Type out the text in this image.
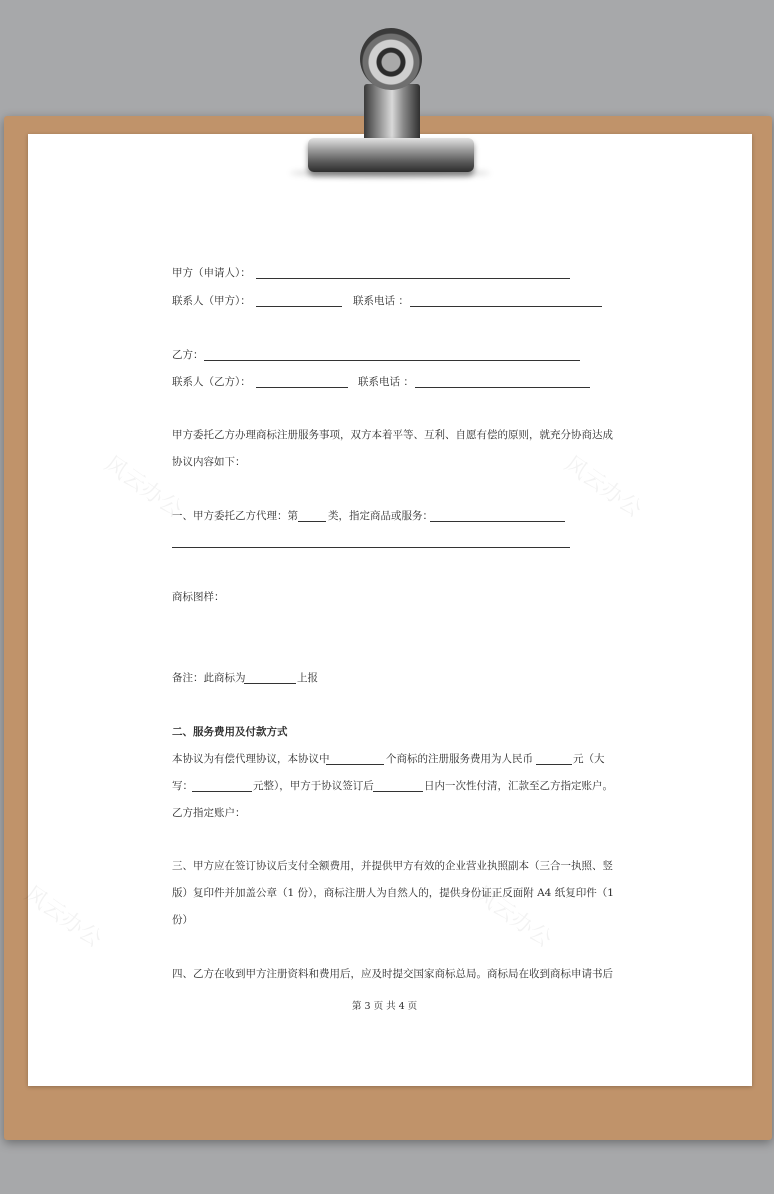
风云办公	风云办公
风云办公	风云办公
甲方（申请人）：
联系人（甲方）：	联系电话 ：
乙方：
联系人（乙方）：	联系电话 ：
甲方委托乙方办理商标注册服务事项，双方本着平等、互利、自愿有偿的原则，就充分协商达成
协议内容如下：
一、甲方委托乙方代理：第	类，指定商品或服务：
商标图样：
备注：此商标为	上报
二、服务费用及付款方式
本协议为有偿代理协议，本协议中	个商标的注册服务费用为人民币	元（大
写：	元整），甲方于协议签订后	日内一次性付清，汇款至乙方指定账户。
乙方指定账户：
三、甲方应在签订协议后支付全额费用，并提供甲方有效的企业营业执照副本（三合一执照、竖
版）复印件并加盖公章（1 份），商标注册人为自然人的，提供身份证正反面附 A4 纸复印件（1
份）
四、乙方在收到甲方注册资料和费用后，应及时提交国家商标总局。商标局在收到商标申请书后
第 3 页 共 4 页
